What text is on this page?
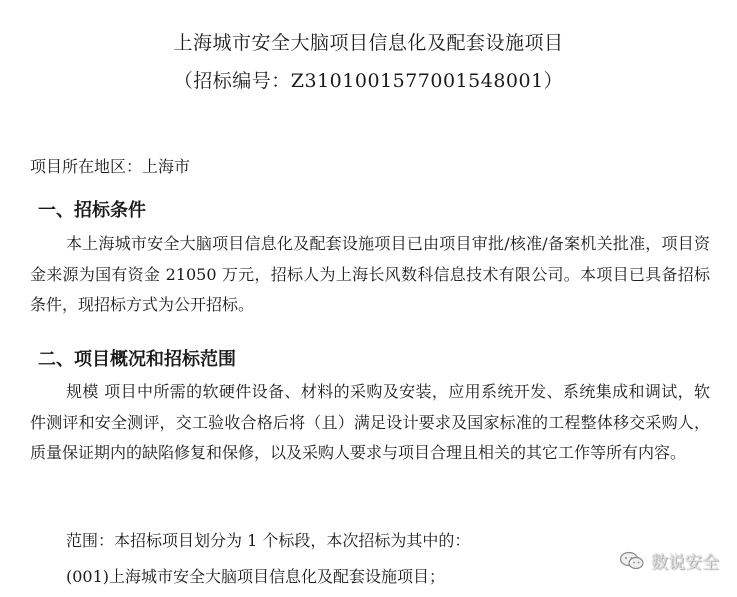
上海城市安全大脑项目信息化及配套设施项目
（招标编号：Z3101001577001548001）
项目所在地区：上海市
一、招标条件
本上海城市安全大脑项目信息化及配套设施项目已由项目审批/核准/备案机关批准，项目资金来源为国有资金 21050 万元，招标人为上海长风数科信息技术有限公司。本项目已具备招标条件，现招标方式为公开招标。
二、项目概况和招标范围
规模 项目中所需的软硬件设备、材料的采购及安装，应用系统开发、系统集成和调试，软件测评和安全测评，交工验收合格后将（且）满足设计要求及国家标准的工程整体移交采购人，质量保证期内的缺陷修复和保修，以及采购人要求与项目合理且相关的其它工作等所有内容。
范围：本招标项目划分为 1 个标段，本次招标为其中的：
(001)上海城市安全大脑项目信息化及配套设施项目；
数说安全
